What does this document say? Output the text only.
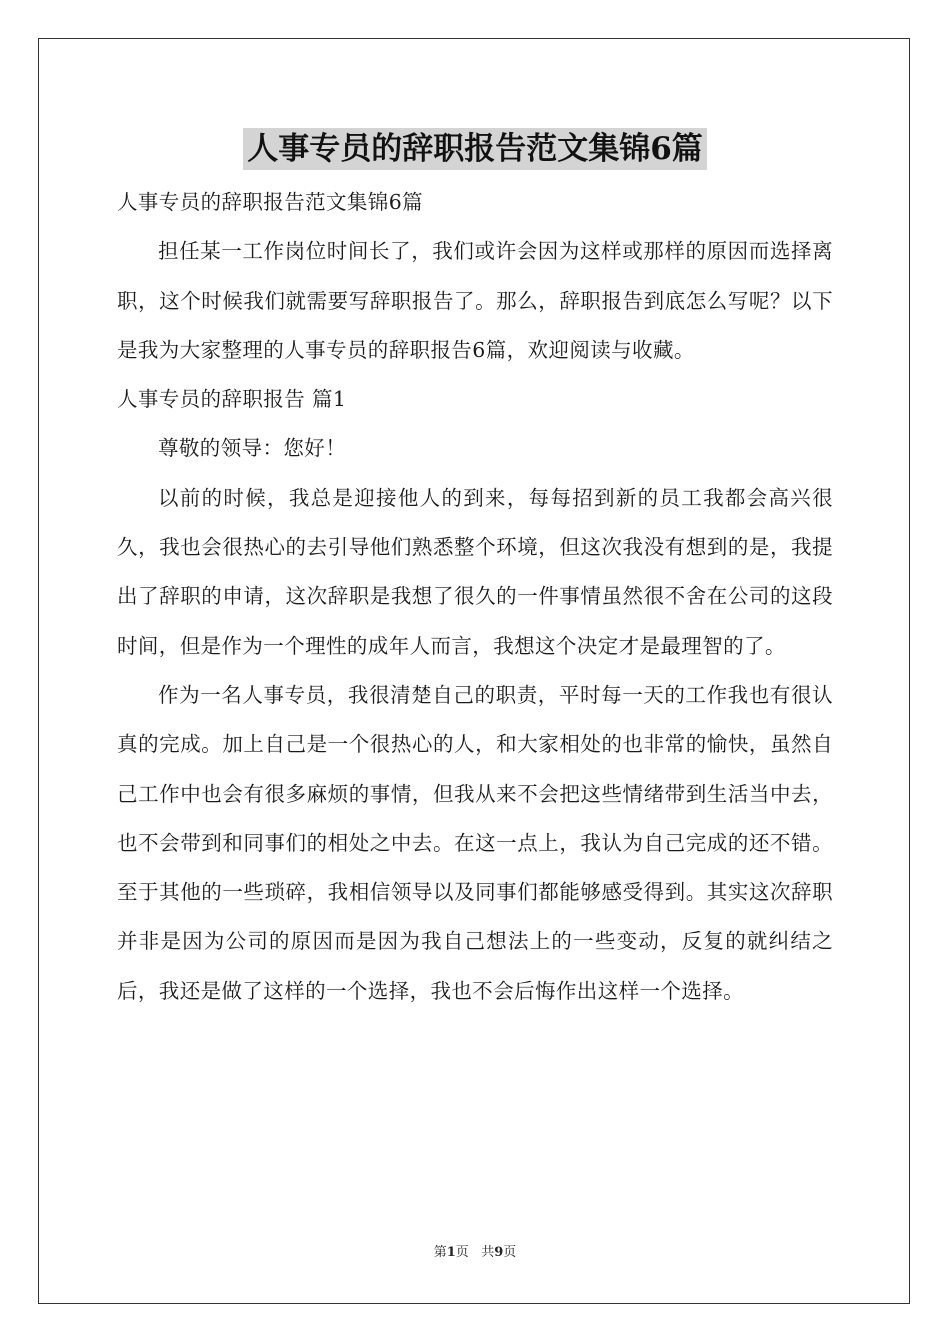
人事专员的辞职报告范文集锦6篇

人事专员的辞职报告范文集锦6篇

担任某一工作岗位时间长了，我们或许会因为这样或那样的原因而选择离职，这个时候我们就需要写辞职报告了。那么，辞职报告到底怎么写呢？以下是我为大家整理的人事专员的辞职报告6篇，欢迎阅读与收藏。

人事专员的辞职报告 篇1

尊敬的领导：您好！

以前的时候，我总是迎接他人的到来，每每招到新的员工我都会高兴很久，我也会很热心的去引导他们熟悉整个环境，但这次我没有想到的是，我提出了辞职的申请，这次辞职是我想了很久的一件事情虽然很不舍在公司的这段时间，但是作为一个理性的成年人而言，我想这个决定才是最理智的了。

作为一名人事专员，我很清楚自己的职责，平时每一天的工作我也有很认真的完成。加上自己是一个很热心的人，和大家相处的也非常的愉快，虽然自己工作中也会有很多麻烦的事情，但我从来不会把这些情绪带到生活当中去，也不会带到和同事们的相处之中去。在这一点上，我认为自己完成的还不错。至于其他的一些琐碎，我相信领导以及同事们都能够感受得到。其实这次辞职并非是因为公司的原因而是因为我自己想法上的一些变动，反复的就纠结之后，我还是做了这样的一个选择，我也不会后悔作出这样一个选择。

第1页 共9页
